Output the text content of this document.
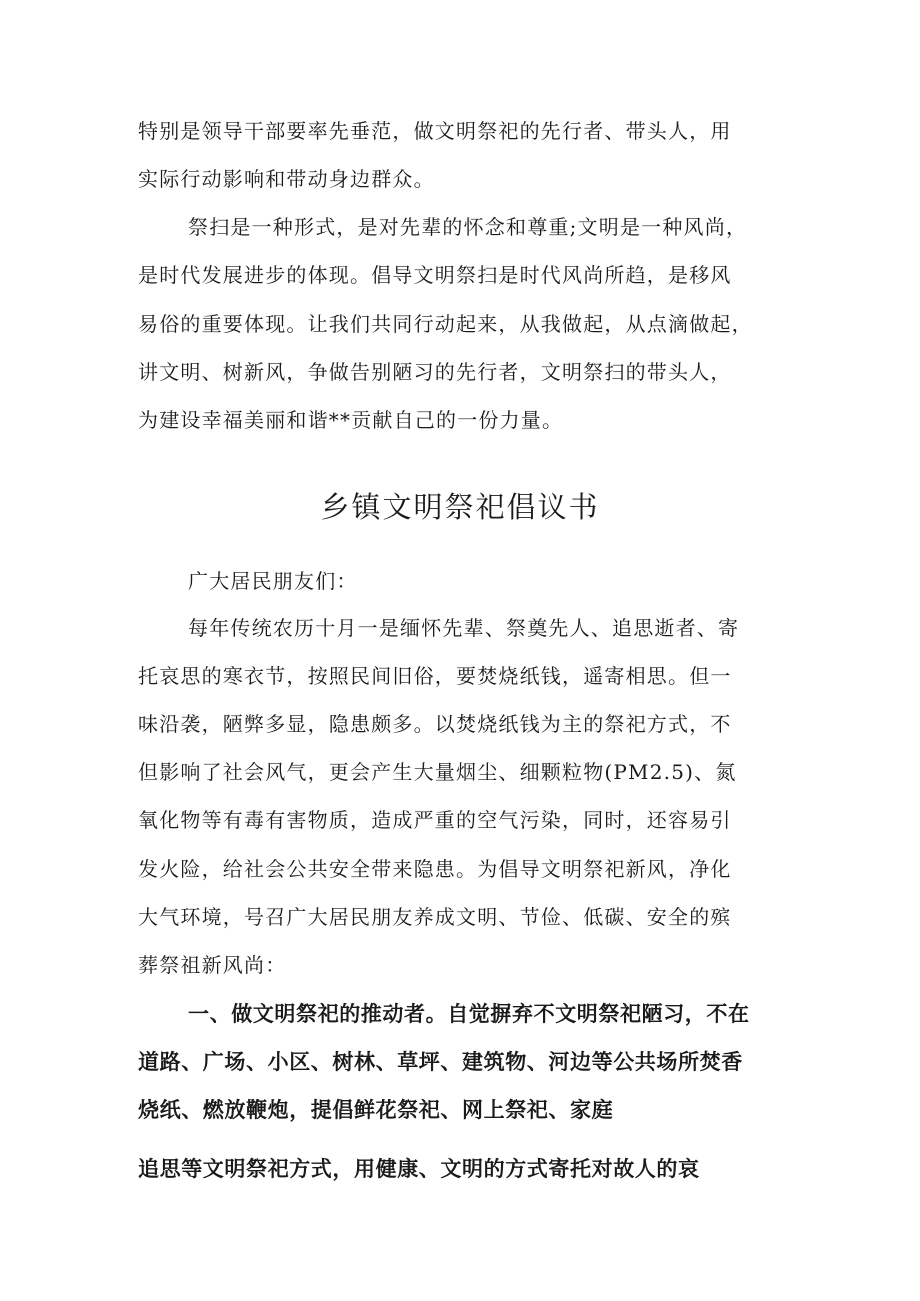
特别是领导干部要率先垂范，做文明祭祀的先行者、带头人，用
实际行动影响和带动身边群众。
祭扫是一种形式，是对先辈的怀念和尊重;文明是一种风尚，
是时代发展进步的体现。倡导文明祭扫是时代风尚所趋，是移风
易俗的重要体现。让我们共同行动起来，从我做起，从点滴做起，
讲文明、树新风，争做告别陋习的先行者，文明祭扫的带头人，
为建设幸福美丽和谐**贡献自己的一份力量。
乡镇文明祭祀倡议书
广大居民朋友们：
每年传统农历十月一是缅怀先辈、祭奠先人、追思逝者、寄
托哀思的寒衣节，按照民间旧俗，要焚烧纸钱，遥寄相思。但一
味沿袭，陋弊多显，隐患颇多。以焚烧纸钱为主的祭祀方式，不
但影响了社会风气，更会产生大量烟尘、细颗粒物(PM2.5)、氮
氧化物等有毒有害物质，造成严重的空气污染，同时，还容易引
发火险，给社会公共安全带来隐患。为倡导文明祭祀新风，净化
大气环境，号召广大居民朋友养成文明、节俭、低碳、安全的殡
葬祭祖新风尚：
一、做文明祭祀的推动者。自觉摒弃不文明祭祀陋习，不在
道路、广场、小区、树林、草坪、建筑物、河边等公共场所焚香
烧纸、燃放鞭炮，提倡鲜花祭祀、网上祭祀、家庭
追思等文明祭祀方式，用健康、文明的方式寄托对故人的哀
